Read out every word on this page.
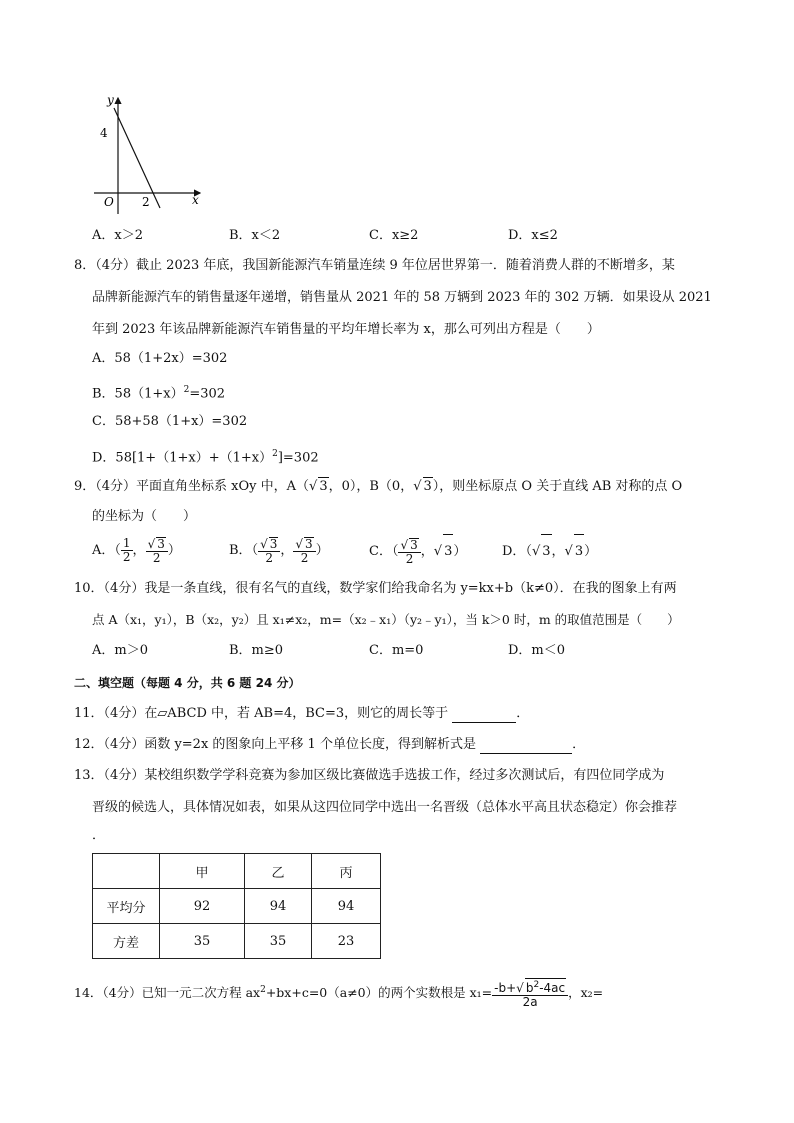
y
x
O
4
2
A．x＞2	B．x＜2	C．x≥2	D．x≤2
8．（4分）截止 2023 年底，我国新能源汽车销量连续 9 年位居世界第一．随着消费人群的不断增多，某
品牌新能源汽车的销售量逐年递增，销售量从 2021 年的 58 万辆到 2023 年的 302 万辆．如果设从 2021
年到 2023 年该品牌新能源汽车销售量的平均年增长率为 x，那么可列出方程是（　　）
A．58（1+2x）=302
B．$58(1+x)^2=302$
C．58+58（1+x）=302
D．$58[1+(1+x)+(1+x)^2]=302$
9．（4分）平面直角坐标系 xOy 中，A（√ 3，0），B（0，√ 3），则坐标原点 O 关于直线 AB 对称的点 O
的坐标为（　　）
A．（ $\frac{1}{2}$ ， $\frac{√ 3}{2}$ ）	B．（ $\frac{√ 3}{2}$ ， $\frac{√ 3}{2}$ ）	C．（ $\frac{√ 3}{2}$ ，√ 3）	D．（√ 3，√ 3）
10．（4分）我是一条直线，很有名气的直线，数学家们给我命名为 y=kx+b（k≠0）．在我的图象上有两
点 A（x₁，y₁），B（x₂，y₂）且 x₁≠x₂，m=（x₂﹣x₁）（y₂﹣y₁），当 k＞0 时，m 的取值范围是（　　）
A．m＞0	B．m≥0	C．m=0	D．m＜0
二、填空题（每题 4 分，共 6 题 24 分）
11．（4分）在▱ABCD 中，若 AB=4，BC=3，则它的周长等于	．
12．（4分）函数 y=2x 的图象向上平移 1 个单位长度，得到解析式是	．
13．（4分）某校组织数学学科竞赛为参加区级比赛做选手选拔工作，经过多次测试后，有四位同学成为
晋级的候选人，具体情况如表，如果从这四位同学中选出一名晋级（总体水平高且状态稳定）你会推荐
．
	甲	乙	丙
平均分	92	94	94
方差	35	35	23
14．（4分）已知一元二次方程 $ax^2+bx+c=0(a\ne 0)$的两个实数根是 $x_1= \frac{-b+√ b^2-4ac}{2a}$ ，x₂=
